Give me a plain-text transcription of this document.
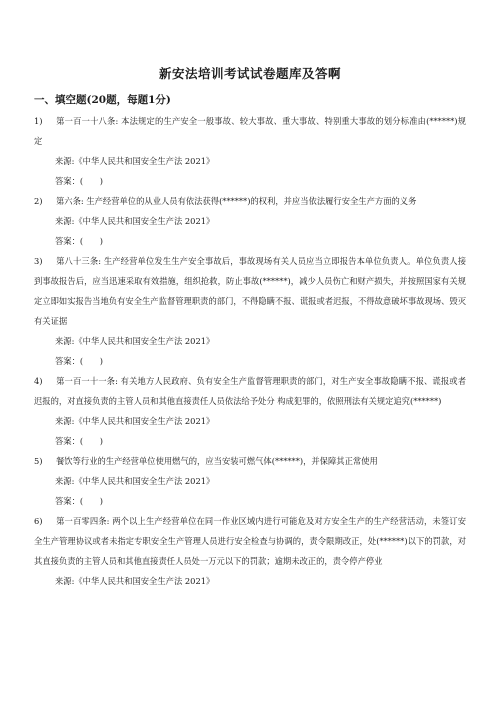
新安法培训考试试卷题库及答啊
一、填空题(20题，每题1分)

1) 第一百一十八条: 本法规定的生产安全一般事故、较大事故、重大事故、特别重大事故的划分标准由(******)规定

来源:《中华人民共和国安全生产法 2021》

答案：(　　)

2) 第六条: 生产经营单位的从业人员有依法获得(******)的权利，并应当依法履行安全生产方面的义务

来源:《中华人民共和国安全生产法 2021》

答案：(　　)

3) 第八十三条: 生产经营单位发生生产安全事故后，事故现场有关人员应当立即报告本单位负责人。单位负责人接到事故报告后，应当迅速采取有效措施，组织抢救，防止事故(******)，减少人员伤亡和财产损失，并按照国家有关规定立即如实报告当地负有安全生产监督管理职责的部门，不得隐瞒不报、谎报或者迟报，不得故意破坏事故现场、毁灭有关证据

来源:《中华人民共和国安全生产法 2021》

答案：(　　)

4) 第一百一十一条: 有关地方人民政府、负有安全生产监督管理职责的部门，对生产安全事故隐瞒不报、谎报或者迟报的，对直接负责的主管人员和其他直接责任人员依法给予处分 构成犯罪的，依照刑法有关规定追究(******)

来源:《中华人民共和国安全生产法 2021》

答案：(　　)

5) 餐饮等行业的生产经营单位使用燃气的，应当安装可燃气体(******)，并保障其正常使用

来源:《中华人民共和国安全生产法 2021》

答案：(　　)

6) 第一百零四条: 两个以上生产经营单位在同一作业区域内进行可能危及对方安全生产的生产经营活动，未签订安全生产管理协议或者未指定专职安全生产管理人员进行安全检查与协调的，责令限期改正，处(******)以下的罚款，对其直接负责的主管人员和其他直接责任人员处一万元以下的罚款；逾期未改正的，责令停产停业

来源:《中华人民共和国安全生产法 2021》
